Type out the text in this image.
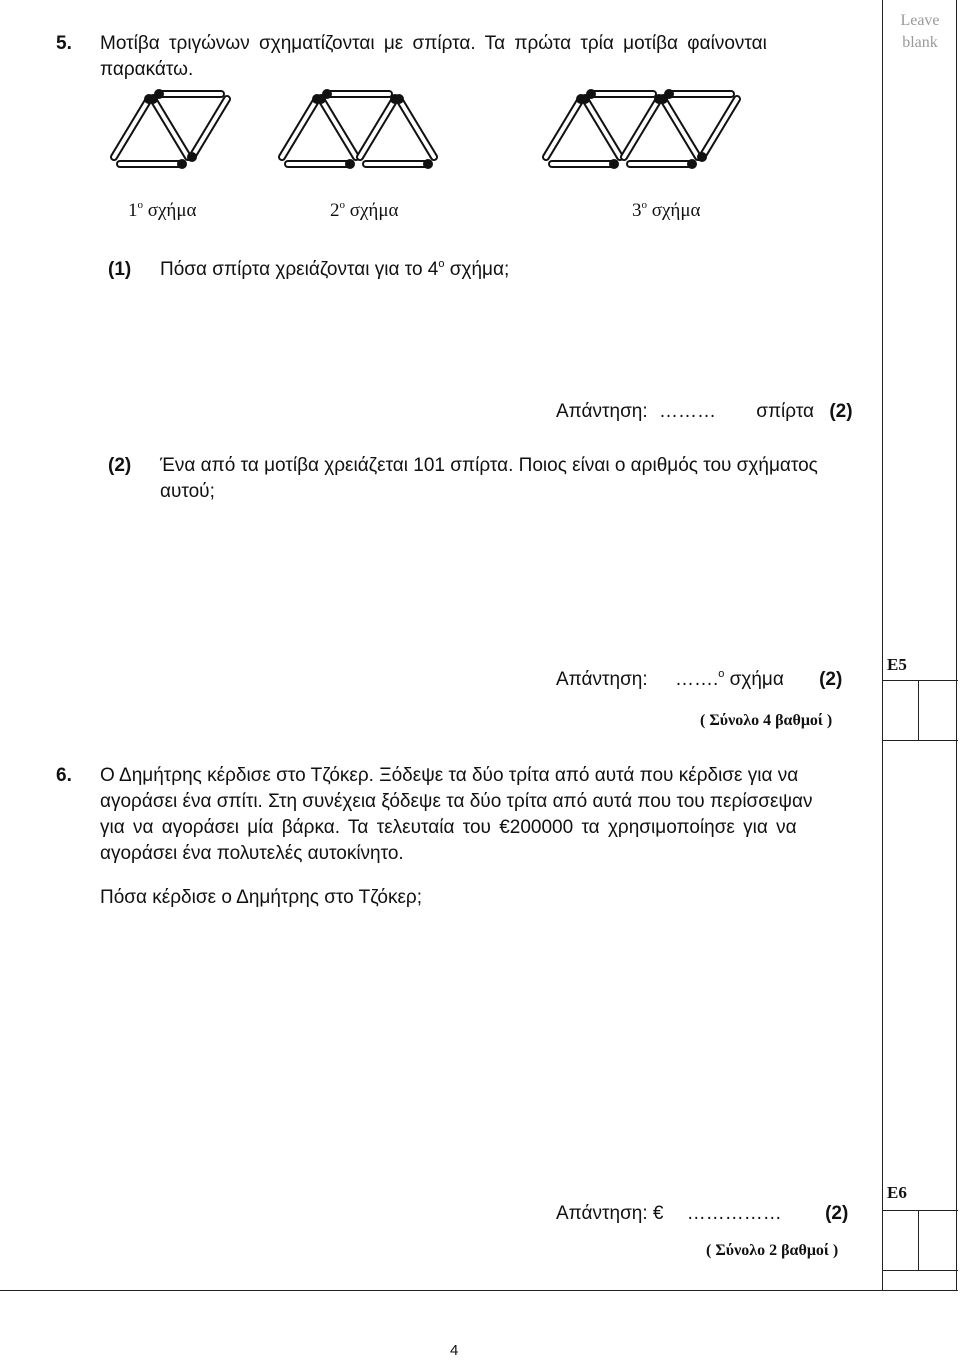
Leave
blank
E5
E6
5. Μοτίβα τριγώνων σχηματίζονται με σπίρτα. Τα πρώτα τρία μοτίβα φαίνονται
παρακάτω.
$1^o$ σχήμα	$2^o$ σχήμα	$3^o$ σχήμα
(1) Πόσα σπίρτα χρειάζονται για το $4^o$ σχήμα;
Απάντηση: ……… σπίρτα (2)
(2) Ένα από τα μοτίβα χρειάζεται 101 σπίρτα. Ποιος είναι ο αριθμός του σχήματος
αυτού;
Απάντηση: …….$^o$ σχήμα (2)
( Σύνολο 4 βαθμοί )
6. Ο Δημήτρης κέρδισε στο Τζόκερ. Ξόδεψε τα δύο τρίτα από αυτά που κέρδισε για να
αγοράσει ένα σπίτι. Στη συνέχεια ξόδεψε τα δύο τρίτα από αυτά που του περίσσεψαν
για να αγοράσει μία βάρκα. Τα τελευταία του €200000 τα χρησιμοποίησε για να
αγοράσει ένα πολυτελές αυτοκίνητο.
Πόσα κέρδισε ο Δημήτρης στο Τζόκερ;
Απάντηση: € …………… (2)
( Σύνολο 2 βαθμοί )
4
